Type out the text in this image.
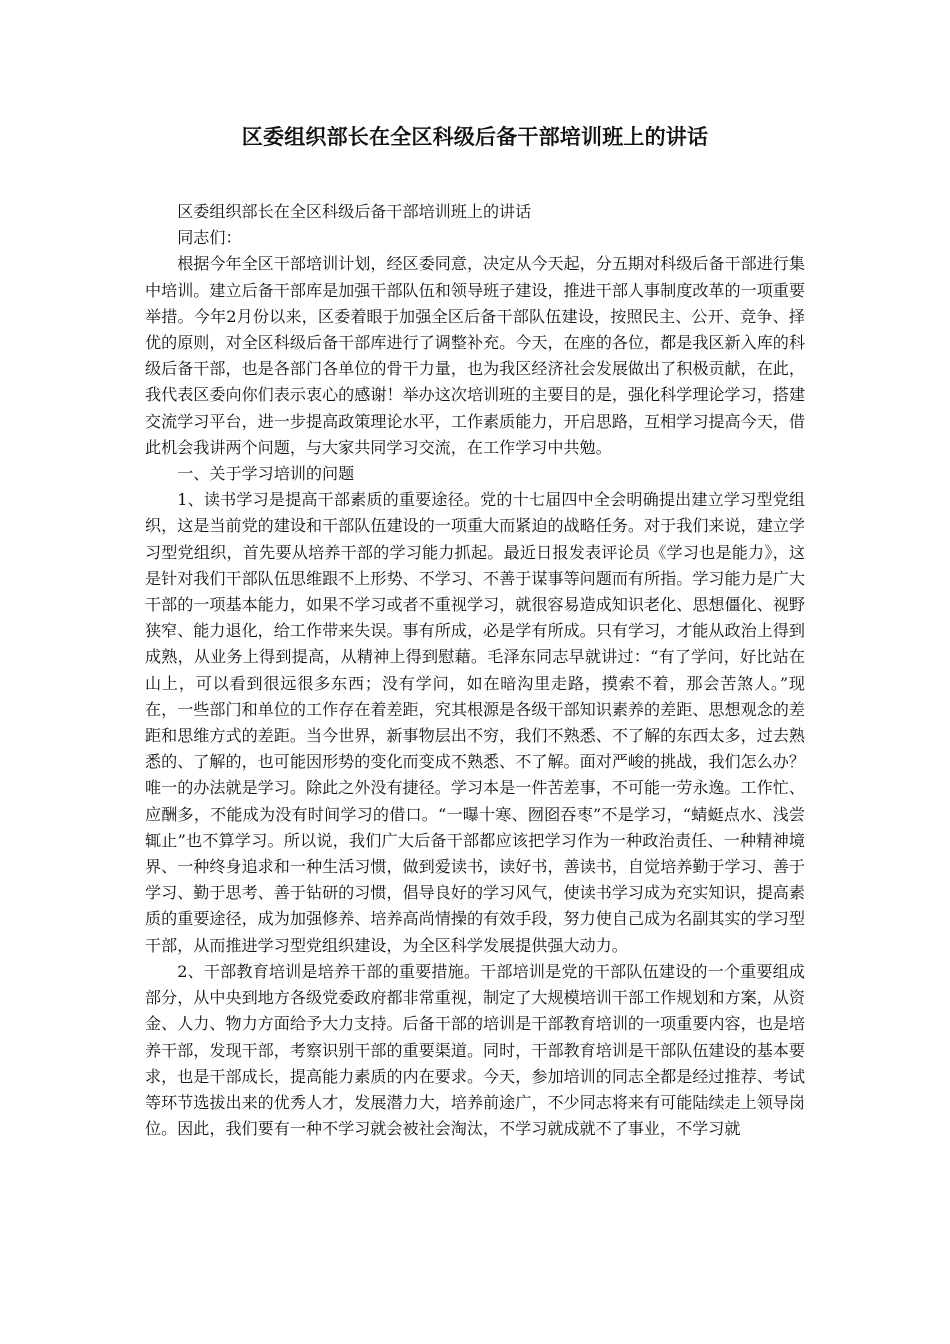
区委组织部长在全区科级后备干部培训班上的讲话

区委组织部长在全区科级后备干部培训班上的讲话

同志们：

根据今年全区干部培训计划，经区委同意，决定从今天起，分五期对科级后备干部进行集中培训。建立后备干部库是加强干部队伍和领导班子建设，推进干部人事制度改革的一项重要举措。今年2月份以来，区委着眼于加强全区后备干部队伍建设，按照民主、公开、竞争、择优的原则，对全区科级后备干部库进行了调整补充。今天，在座的各位，都是我区新入库的科级后备干部，也是各部门各单位的骨干力量，也为我区经济社会发展做出了积极贡献，在此，我代表区委向你们表示衷心的感谢！举办这次培训班的主要目的是，强化科学理论学习，搭建交流学习平台，进一步提高政策理论水平，工作素质能力，开启思路，互相学习提高今天，借此机会我讲两个问题，与大家共同学习交流，在工作学习中共勉。

一、关于学习培训的问题

1、读书学习是提高干部素质的重要途径。党的十七届四中全会明确提出建立学习型党组织，这是当前党的建设和干部队伍建设的一项重大而紧迫的战略任务。对于我们来说，建立学习型党组织，首先要从培养干部的学习能力抓起。最近日报发表评论员《学习也是能力》，这是针对我们干部队伍思维跟不上形势、不学习、不善于谋事等问题而有所指。学习能力是广大干部的一项基本能力，如果不学习或者不重视学习，就很容易造成知识老化、思想僵化、视野狭窄、能力退化，给工作带来失误。事有所成，必是学有所成。只有学习，才能从政治上得到成熟，从业务上得到提高，从精神上得到慰藉。毛泽东同志早就讲过：“有了学问，好比站在山上，可以看到很远很多东西；没有学问，如在暗沟里走路，摸索不着，那会苦煞人。”现在，一些部门和单位的工作存在着差距，究其根源是各级干部知识素养的差距、思想观念的差距和思维方式的差距。当今世界，新事物层出不穷，我们不熟悉、不了解的东西太多，过去熟悉的、了解的，也可能因形势的变化而变成不熟悉、不了解。面对严峻的挑战，我们怎么办？唯一的办法就是学习。除此之外没有捷径。学习本是一件苦差事，不可能一劳永逸。工作忙、应酬多，不能成为没有时间学习的借口。“一曝十寒、囫囵吞枣”不是学习，“蜻蜓点水、浅尝辄止”也不算学习。所以说，我们广大后备干部都应该把学习作为一种政治责任、一种精神境界、一种终身追求和一种生活习惯，做到爱读书，读好书，善读书，自觉培养勤于学习、善于学习、勤于思考、善于钻研的习惯，倡导良好的学习风气，使读书学习成为充实知识，提高素质的重要途径，成为加强修养、培养高尚情操的有效手段，努力使自己成为名副其实的学习型干部，从而推进学习型党组织建设，为全区科学发展提供强大动力。

2、干部教育培训是培养干部的重要措施。干部培训是党的干部队伍建设的一个重要组成部分，从中央到地方各级党委政府都非常重视，制定了大规模培训干部工作规划和方案，从资金、人力、物力方面给予大力支持。后备干部的培训是干部教育培训的一项重要内容，也是培养干部，发现干部，考察识别干部的重要渠道。同时，干部教育培训是干部队伍建设的基本要求，也是干部成长，提高能力素质的内在要求。今天，参加培训的同志全都是经过推荐、考试等环节选拔出来的优秀人才，发展潜力大，培养前途广，不少同志将来有可能陆续走上领导岗位。因此，我们要有一种不学习就会被社会淘汰，不学习就成就不了事业，不学习就
